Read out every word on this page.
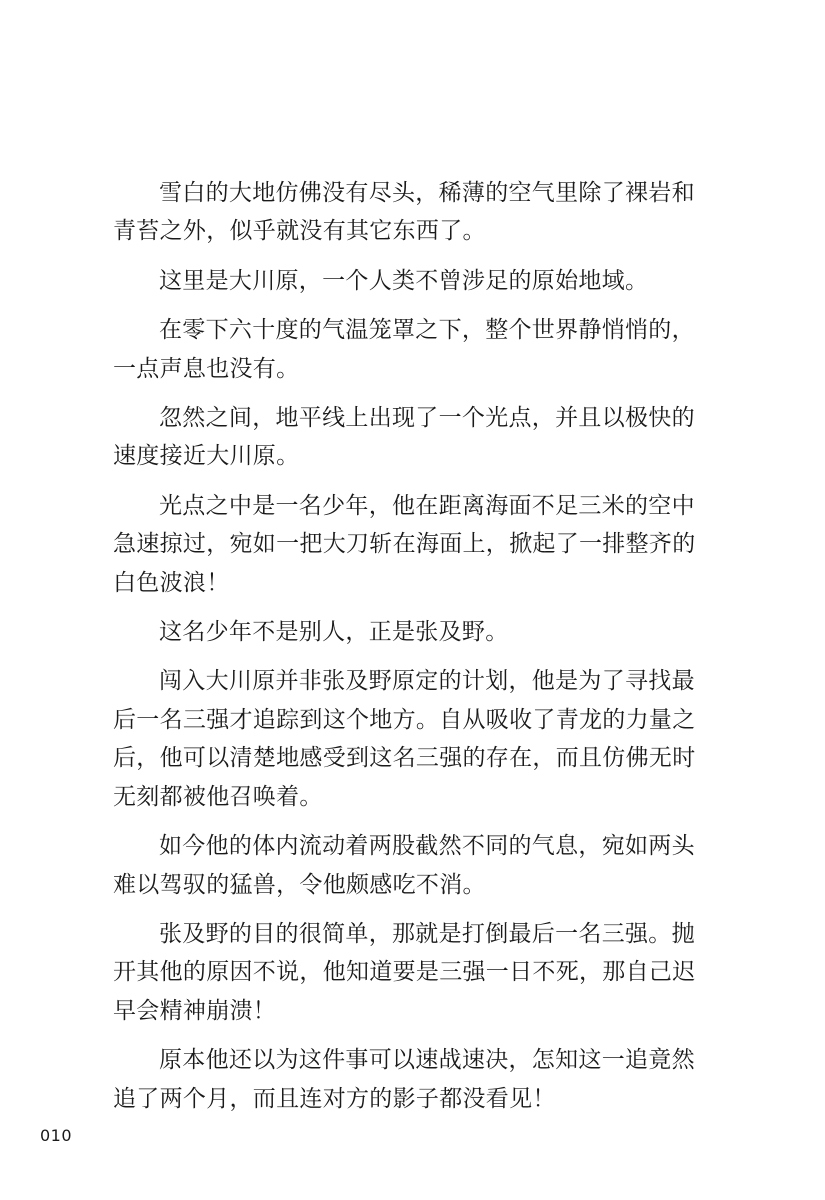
雪白的大地仿佛没有尽头，稀薄的空气里除了裸岩和
青苔之外，似乎就没有其它东西了。

这里是大川原，一个人类不曾涉足的原始地域。

在零下六十度的气温笼罩之下，整个世界静悄悄的，
一点声息也没有。

忽然之间，地平线上出现了一个光点，并且以极快的
速度接近大川原。

光点之中是一名少年，他在距离海面不足三米的空中
急速掠过，宛如一把大刀斩在海面上，掀起了一排整齐的
白色波浪！

这名少年不是别人，正是张及野。

闯入大川原并非张及野原定的计划，他是为了寻找最
后一名三强才追踪到这个地方。自从吸收了青龙的力量之
后，他可以清楚地感受到这名三强的存在，而且仿佛无时
无刻都被他召唤着。

如今他的体内流动着两股截然不同的气息，宛如两头
难以驾驭的猛兽，令他颇感吃不消。

张及野的目的很简单，那就是打倒最后一名三强。抛
开其他的原因不说，他知道要是三强一日不死，那自己迟
早会精神崩溃！

原本他还以为这件事可以速战速决，怎知这一追竟然
追了两个月，而且连对方的影子都没看见！

010
